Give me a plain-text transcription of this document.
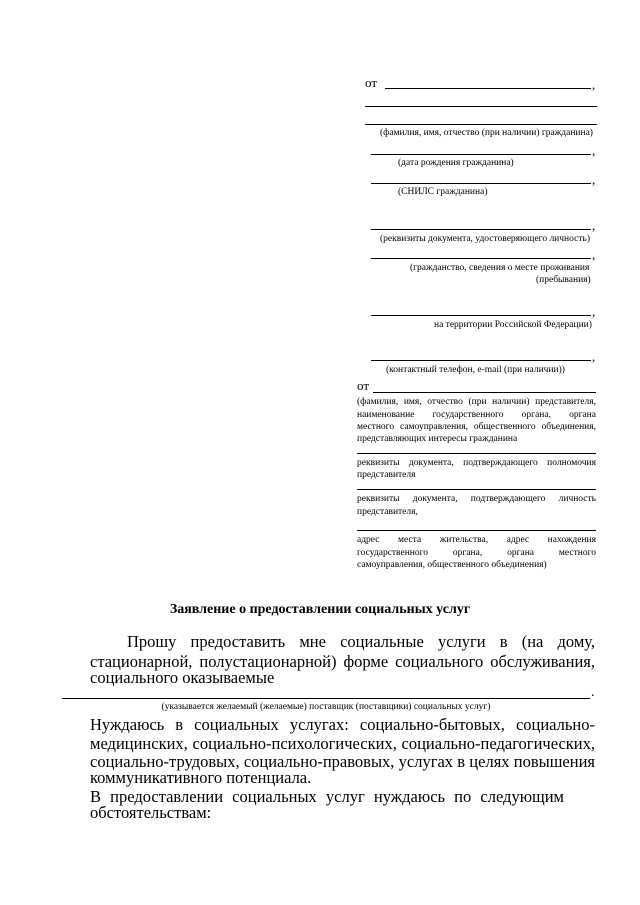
от	,
(фамилия, имя, отчество (при наличии) гражданина)
,
(дата рождения гражданина)
,
(СНИЛС гражданина)
,
(реквизиты документа, удостоверяющего личность)
,
(гражданство, сведения о месте проживания
(пребывания)
,
на территории Российской Федерации)
,
(контактный телефон, e-mail (при наличии))
от
(фамилия, имя, отчество (при наличии) представителя,
наименование государственного органа, органа
местного самоуправления, общественного объединения,
представляющих интересы гражданина
реквизиты документа, подтверждающего полномочия
представителя
реквизиты документа, подтверждающего личность
представителя,
адрес места жительства, адрес нахождения
государственного органа, органа местного
самоуправления, общественного объединения)
Заявление о предоставлении социальных услуг
Прошу предоставить мне социальные услуги в (на дому,
стационарной, полустационарной) форме социального обслуживания,
социального оказываемые
.
(указывается желаемый (желаемые) поставщик (поставщики) социальных услуг)
Нуждаюсь в социальных услугах: социально-бытовых, социально-
медицинских, социально-психологических, социально-педагогических,
социально-трудовых, социально-правовых, услугах в целях повышения
коммуникативного потенциала.
В предоставлении социальных услуг нуждаюсь по следующим
обстоятельствам:
